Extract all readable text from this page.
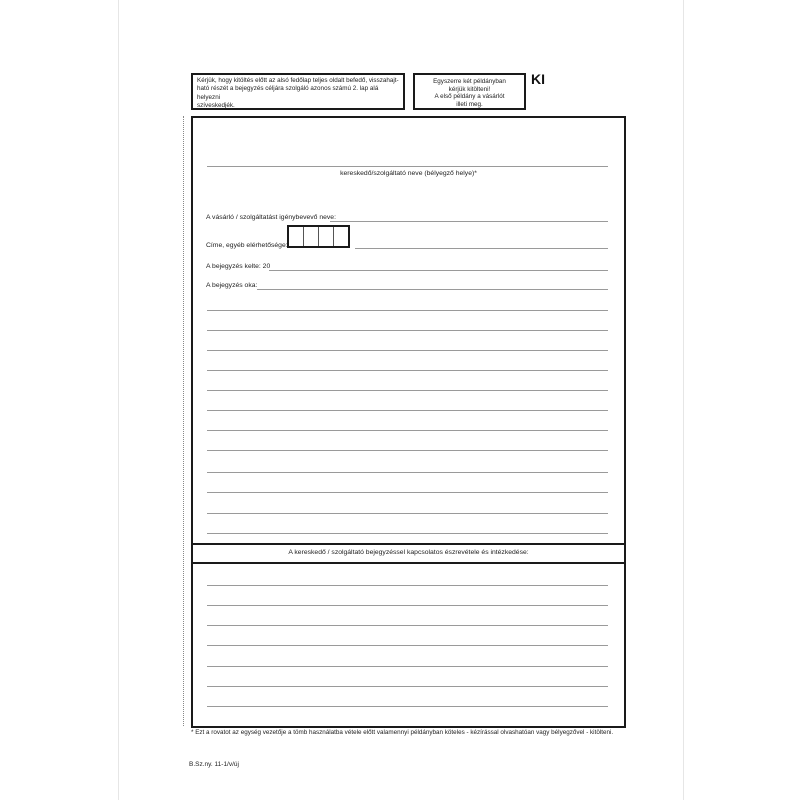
Kérjük, hogy kitöltés előtt az alsó fedőlap teljes oldalt befedő, visszahajt-
ható részét a bejegyzés céljára szolgáló azonos számú 2. lap alá helyezni
szíveskedjék.
Egyszerre két példányban
kérjük kitölteni!
A első példány a vásárlót
illeti meg.
KI
kereskedő/szolgáltató neve (bélyegző helye)*
A vásárló / szolgáltatást igénybevevő neve:
Címe, egyéb elérhetősége:
A bejegyzés kelte: 20
A bejegyzés oka:
A kereskedő / szolgáltató bejegyzéssel kapcsolatos észrevétele és intézkedése:
* Ezt a rovatot az egység vezetője a tömb használatba vétele előtt valamennyi példányban köteles - kézírással olvashatóan vagy bélyegzővel - kitölteni.
B.Sz.ny. 11-1/v/új
